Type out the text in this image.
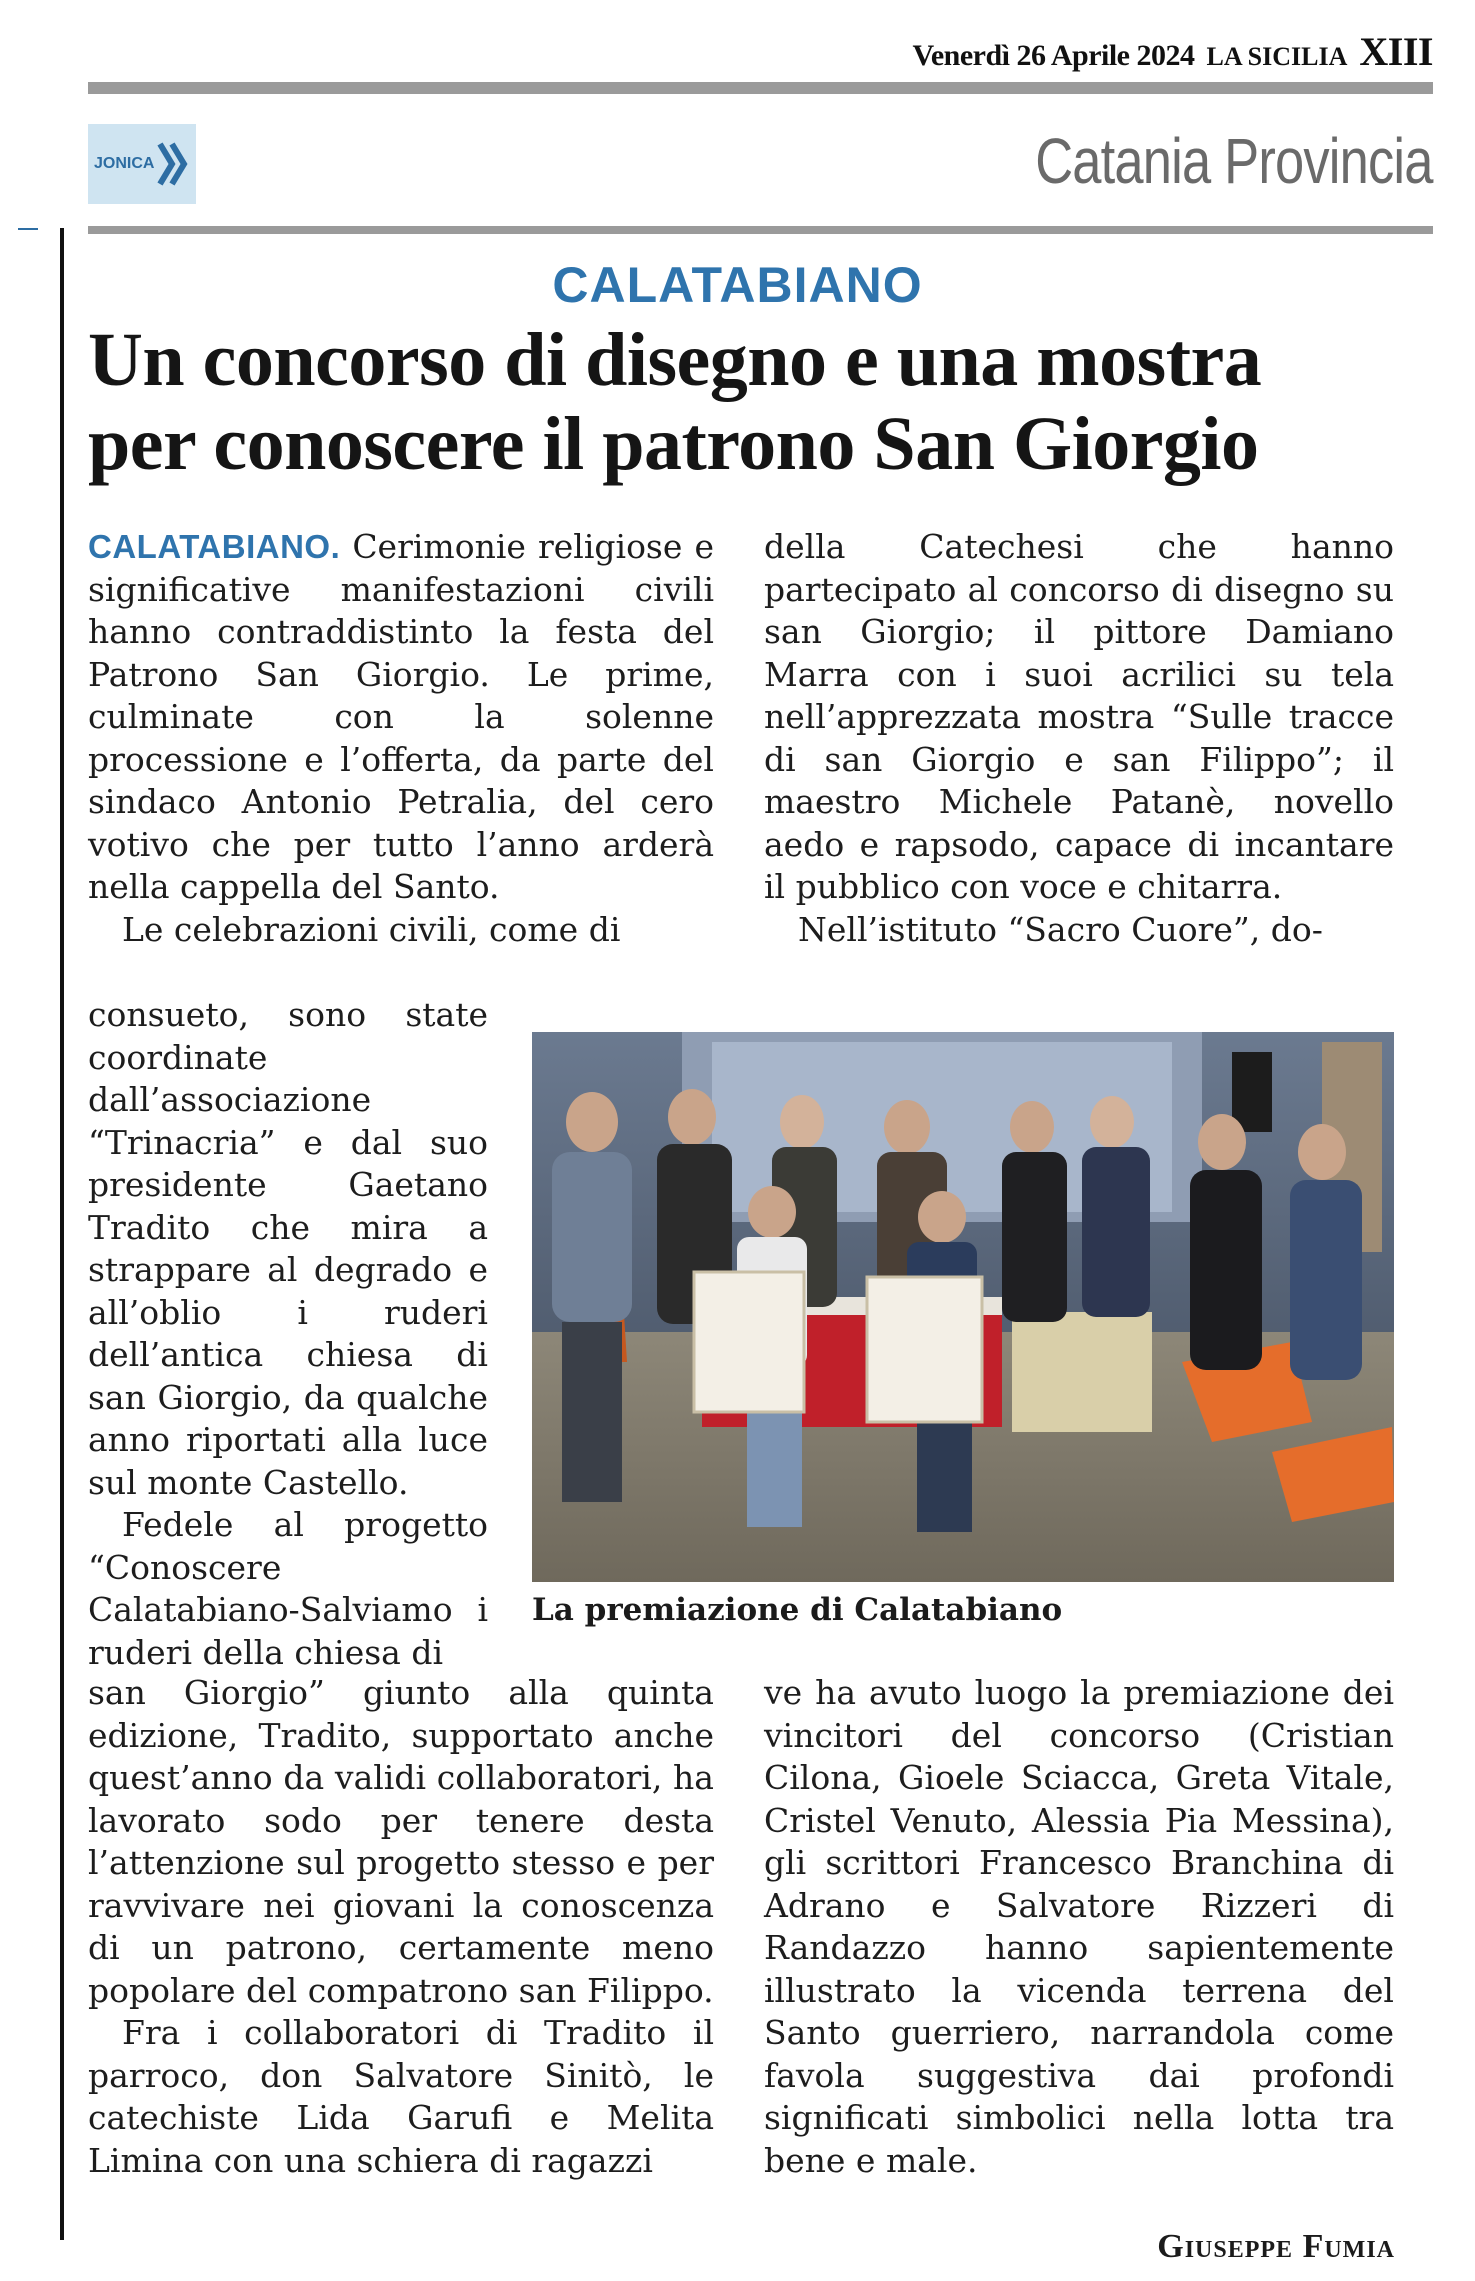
Venerdì 26 Aprile 2024 LA SICILIA XIII
JONICA	Catania Provincia
CALATABIANO
Un concorso di disegno e una mostra
per conoscere il patrono San Giorgio

CALATABIANO. Cerimonie religiose e significative manifestazioni civili hanno contraddistinto la festa del Patrono San Giorgio. Le prime, culminate con la solenne processione e l’offerta, da parte del sindaco Antonio Petralia, del cero votivo che per tutto l’anno arderà nella cappella del Santo.

Le celebrazioni civili, come di

consueto, sono state coordinate dall’associazione “Trinacria” e dal suo presidente Gaetano Tradito che mira a strappare al degrado e all’oblio i ruderi dell’antica chiesa di san Giorgio, da qualche anno riportati alla luce sul monte Castello.

Fedele al progetto “Conoscere Calatabiano-Salviamo i ruderi della chiesa di

san Giorgio” giunto alla quinta edizione, Tradito, supportato anche quest’anno da validi collaboratori, ha lavorato sodo per tenere desta l’attenzione sul progetto stesso e per ravvivare nei giovani la conoscenza di un patrono, certamente meno popolare del compatrono san Filippo.

Fra i collaboratori di Tradito il parroco, don Salvatore Sinitò, le catechiste Lida Garufi e Melita Limina con una schiera di ragazzi

della Catechesi che hanno partecipato al concorso di disegno su san Giorgio; il pittore Damiano Marra con i suoi acrilici su tela nell’apprezzata mostra “Sulle tracce di san Giorgio e san Filippo”; il maestro Michele Patanè, novello aedo e rapsodo, capace di incantare il pubblico con voce e chitarra.

Nell’istituto “Sacro Cuore”, do-

La premiazione di Calatabiano

ve ha avuto luogo la premiazione dei vincitori del concorso (Cristian Cilona, Gioele Sciacca, Greta Vitale, Cristel Venuto, Alessia Pia Messina), gli scrittori Francesco Branchina di Adrano e Salvatore Rizzeri di Randazzo hanno sapientemente illustrato la vicenda terrena del Santo guerriero, narrandola come favola suggestiva dai profondi significati simbolici nella lotta tra bene e male.

Giuseppe Fumia
